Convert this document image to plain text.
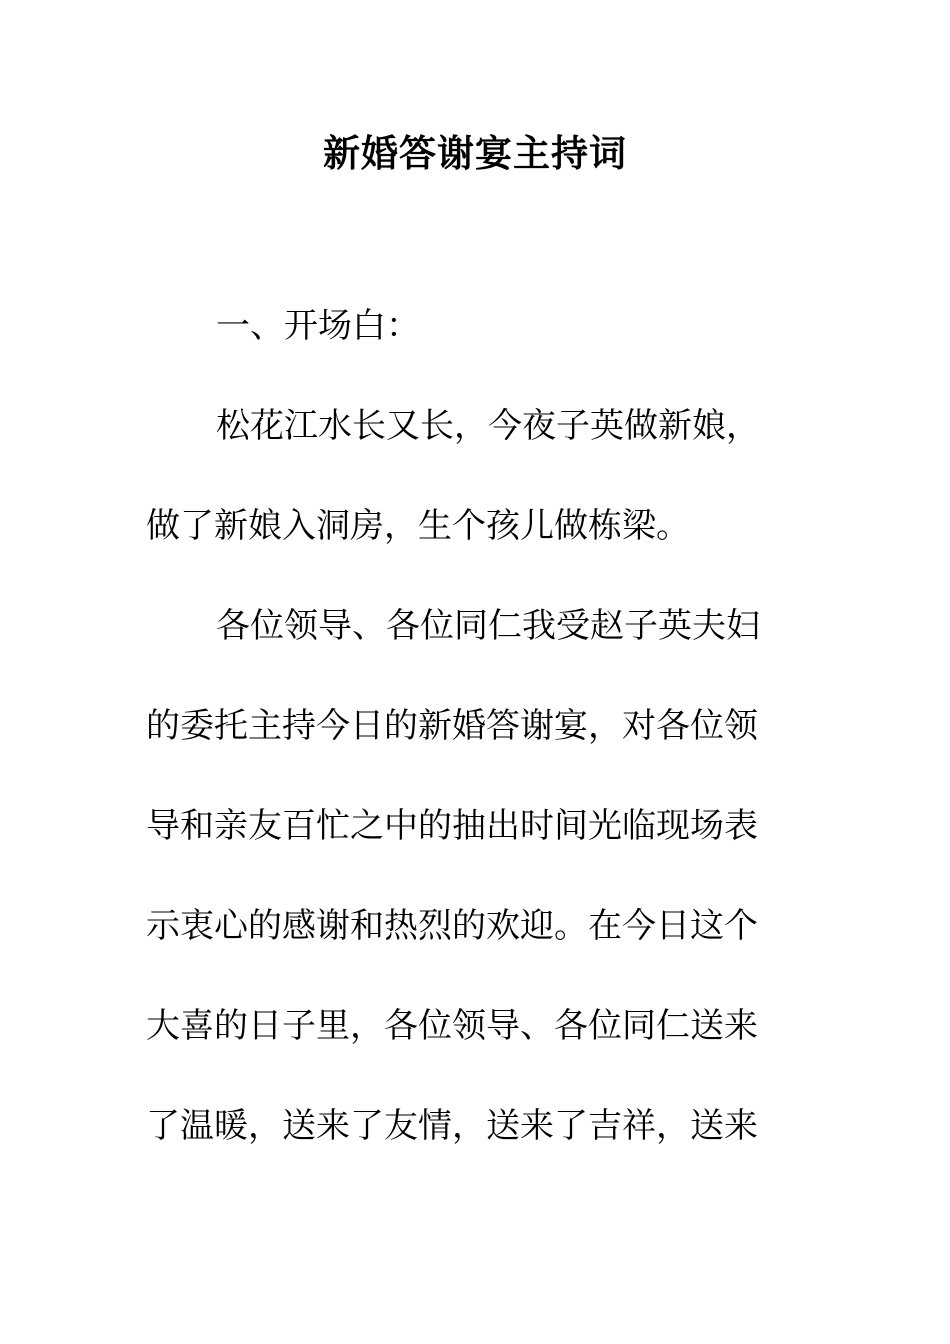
新婚答谢宴主持词
一、开场白：
松花江水长又长，今夜子英做新娘，
做了新娘入洞房，生个孩儿做栋梁。
各位领导、各位同仁我受赵子英夫妇
的委托主持今日的新婚答谢宴，对各位领
导和亲友百忙之中的抽出时间光临现场表
示衷心的感谢和热烈的欢迎。在今日这个
大喜的日子里，各位领导、各位同仁送来
了温暖，送来了友情，送来了吉祥，送来
